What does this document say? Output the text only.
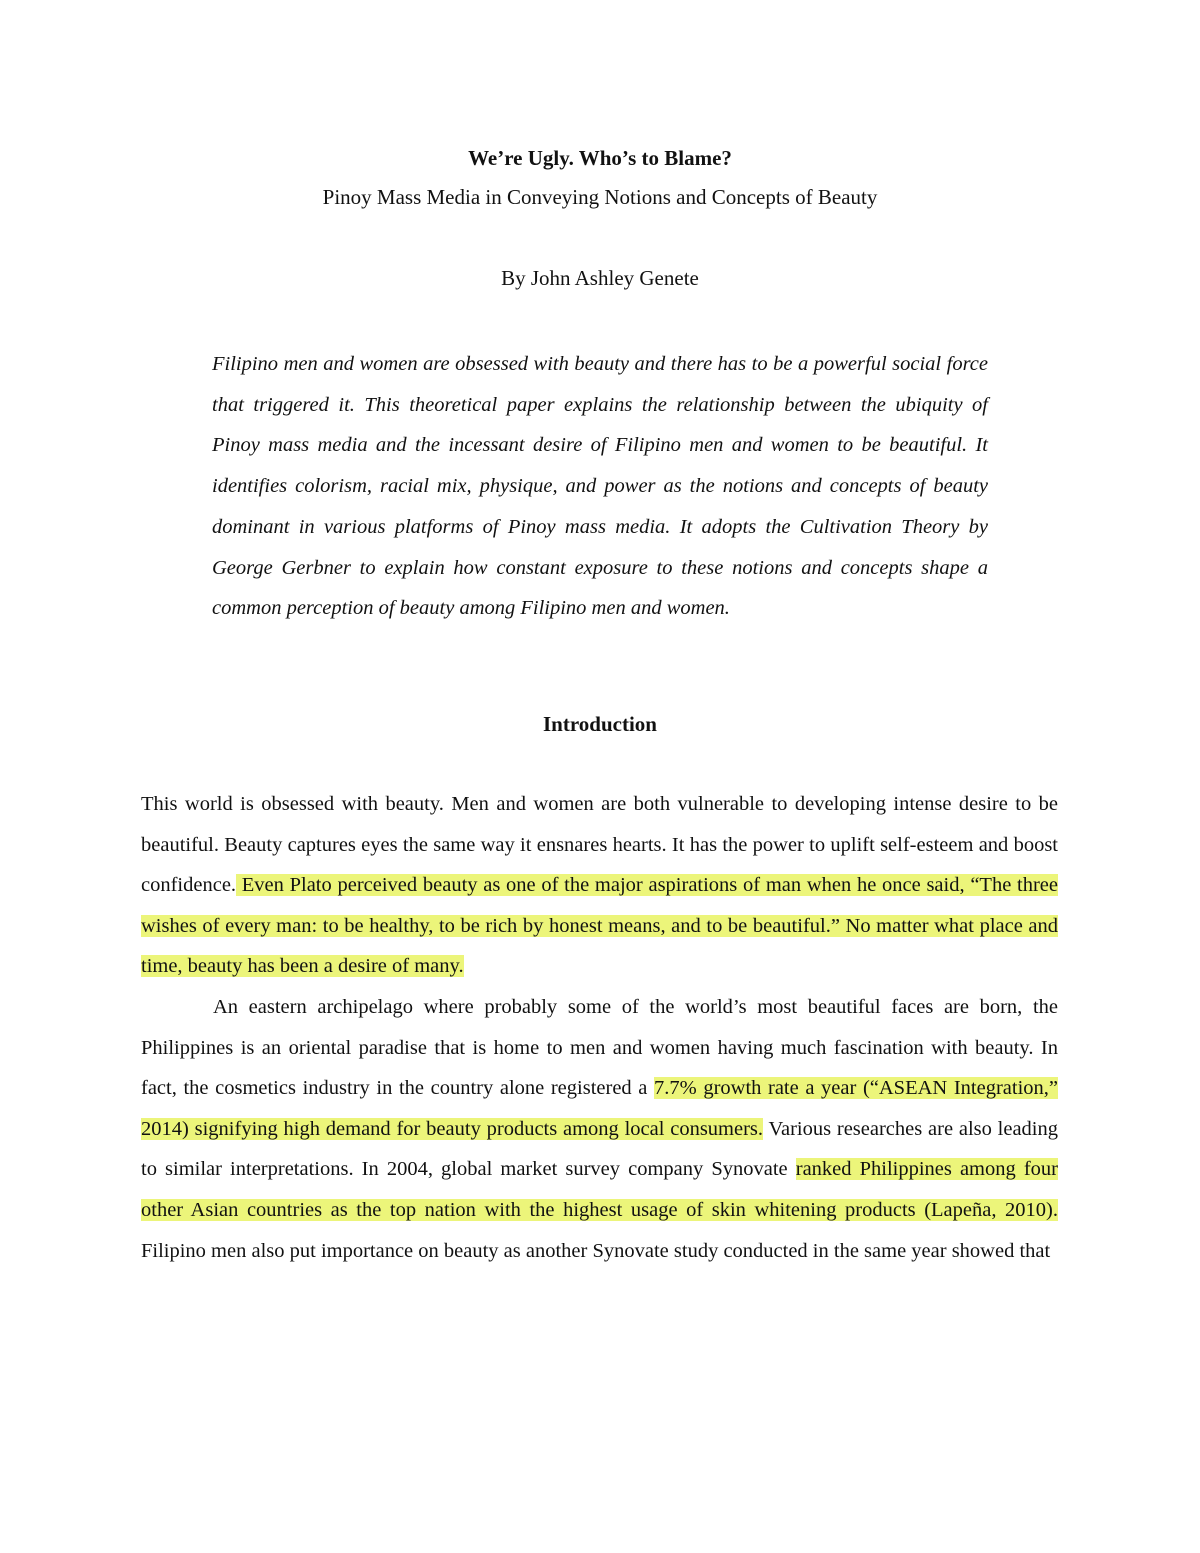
We’re Ugly. Who’s to Blame?
Pinoy Mass Media in Conveying Notions and Concepts of Beauty
By John Ashley Genete

Filipino men and women are obsessed with beauty and there has to be a powerful social force that triggered it. This theoretical paper explains the relationship between the ubiquity of Pinoy mass media and the incessant desire of Filipino men and women to be beautiful. It identifies colorism, racial mix, physique, and power as the notions and concepts of beauty dominant in various platforms of Pinoy mass media. It adopts the Cultivation Theory by George Gerbner to explain how constant exposure to these notions and concepts shape a common perception of beauty among Filipino men and women.

Introduction

This world is obsessed with beauty. Men and women are both vulnerable to developing intense desire to be beautiful. Beauty captures eyes the same way it ensnares hearts. It has the power to uplift self-esteem and boost confidence. Even Plato perceived beauty as one of the major aspirations of man when he once said, “The three wishes of every man: to be healthy, to be rich by honest means, and to be beautiful.” No matter what place and time, beauty has been a desire of many.

An eastern archipelago where probably some of the world’s most beautiful faces are born, the Philippines is an oriental paradise that is home to men and women having much fascination with beauty. In fact, the cosmetics industry in the country alone registered a 7.7% growth rate a year (“ASEAN Integration,” 2014) signifying high demand for beauty products among local consumers. Various researches are also leading to similar interpretations. In 2004, global market survey company Synovate ranked Philippines among four other Asian countries as the top nation with the highest usage of skin whitening products (Lapeña, 2010). Filipino men also put importance on beauty as another Synovate study conducted in the same year showed that
